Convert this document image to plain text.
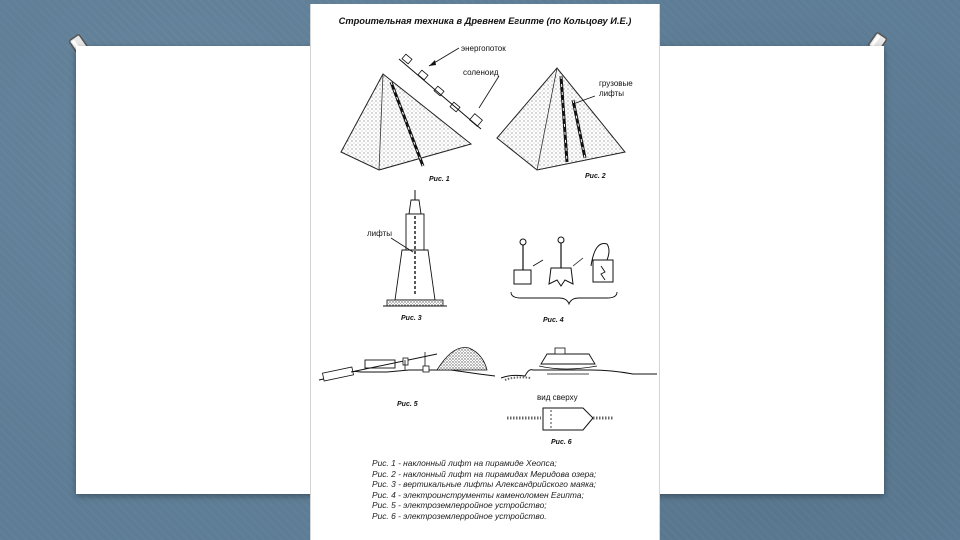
Строительная техника в Древнем Египте (по Кольцову И.Е.)
энергопоток
соленоид
Рис. 1
грузовые
лифты
Рис. 2
лифты
Рис. 3	Рис. 4
Рис. 5
вид сверху
Рис. 6
Рис. 1 - наклонный лифт на пирамиде Хеопса;
Рис. 2 - наклонный лифт на пирамидах Меридова озера;
Рис. 3 - вертикальные лифты Александрийского маяка;
Рис. 4 - электроинструменты каменоломен Египта;
Рис. 5 - электроземлерройное устройство;
Рис. 6 - электроземлерройное устройство.
